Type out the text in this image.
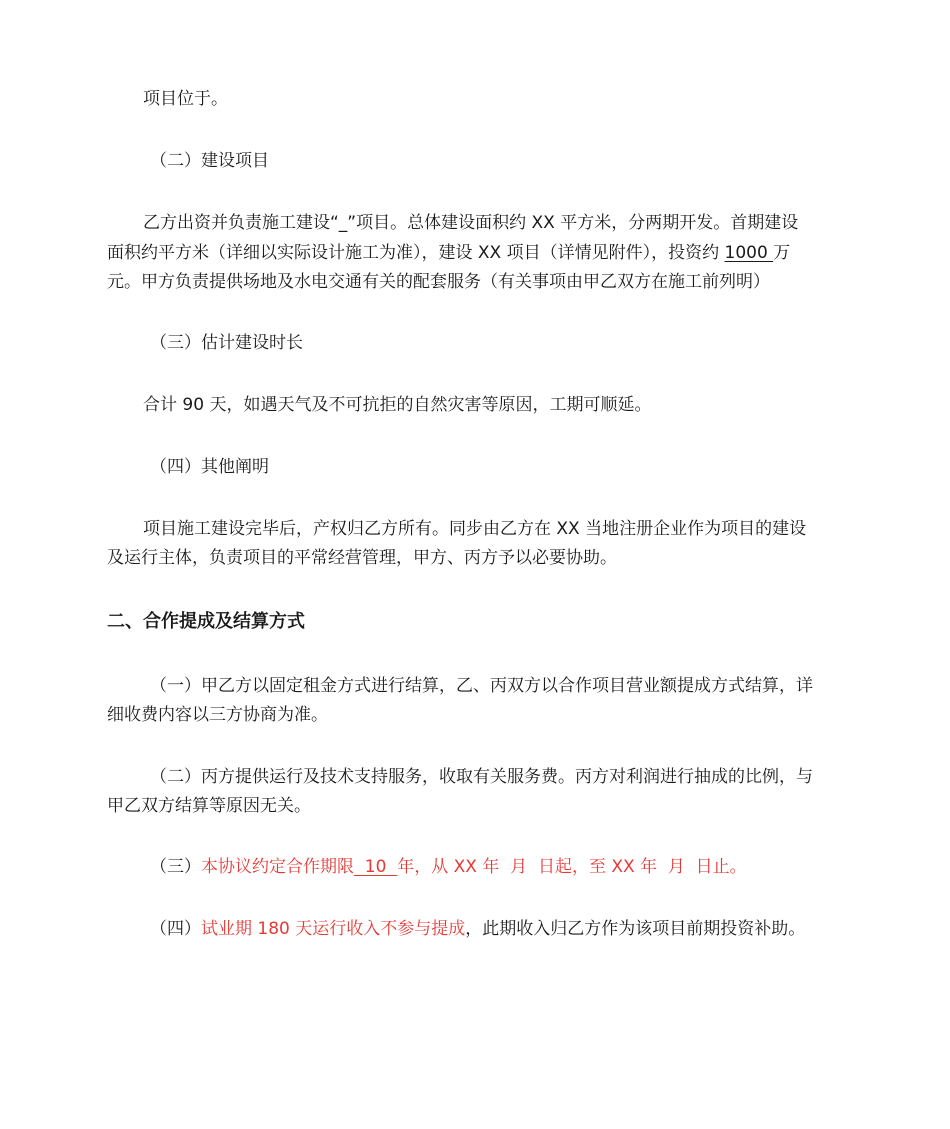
项目位于。
（二）建设项目
乙方出资并负责施工建设“_”项目。总体建设面积约 XX 平方米，分两期开发。首期建设
面积约平方米（详细以实际设计施工为准），建设 XX 项目（详情见附件），投资约 1000 万
元。甲方负责提供场地及水电交通有关的配套服务（有关事项由甲乙双方在施工前列明）
（三）估计建设时长
合计 90 天，如遇天气及不可抗拒的自然灾害等原因，工期可顺延。
（四）其他阐明
项目施工建设完毕后，产权归乙方所有。同步由乙方在 XX 当地注册企业作为项目的建设
及运行主体，负责项目的平常经营管理，甲方、丙方予以必要协助。
二、合作提成及结算方式
（一）甲乙方以固定租金方式进行结算，乙、丙双方以合作项目营业额提成方式结算，详
细收费内容以三方协商为准。
（二）丙方提供运行及技术支持服务，收取有关服务费。丙方对利润进行抽成的比例，与
甲乙双方结算等原因无关。
（三）本协议约定合作期限  10  年，从 XX 年  月  日起，至 XX 年  月  日止。
（四）试业期 180 天运行收入不参与提成，此期收入归乙方作为该项目前期投资补助。
